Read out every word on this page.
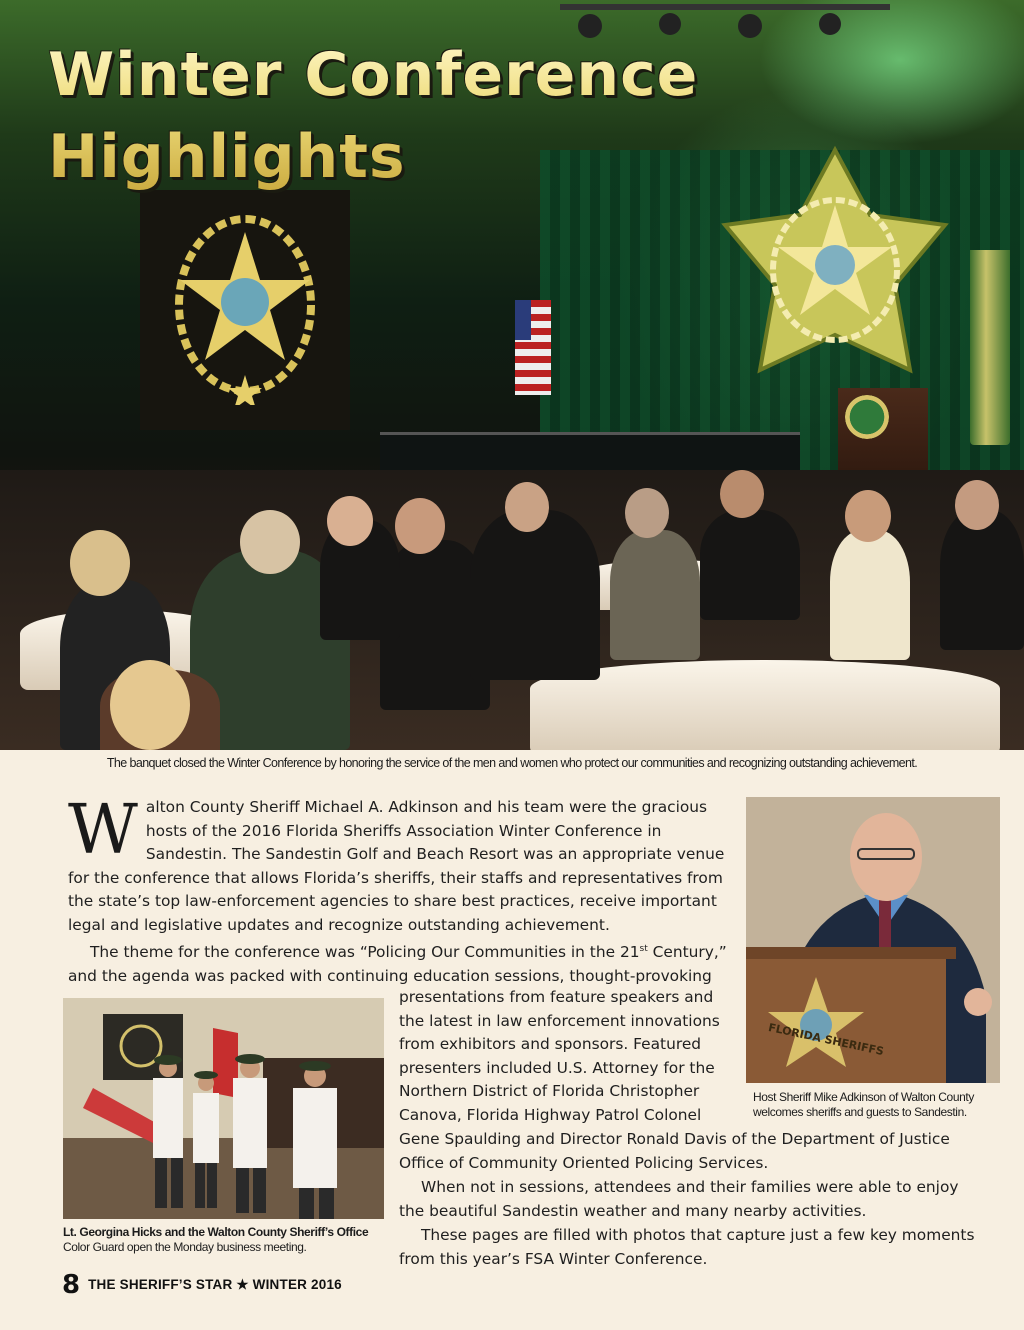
Winter Conference
Highlights
The banquet closed the Winter Conference by honoring the service of the men and women who protect our communities and recognizing outstanding achievement.

Walton County Sheriff Michael A. Adkinson and his team were the gracious hosts of the 2016 Florida Sheriffs Association Winter Conference in Sandestin. The Sandestin Golf and Beach Resort was an appropriate venue for the conference that allows Florida’s sheriffs, their staffs and representatives from the state’s top law-enforcement agencies to share best practices, receive important legal and legislative updates and recognize outstanding achievement.

The theme for the conference was “Policing Our Communities in the 21st Century,” and the agenda was packed with continuing education sessions, thought-provoking

presentations from feature speakers and the latest in law enforcement innovations from exhibitors and sponsors. Featured presenters included U.S. Attorney for the Northern District of Florida Christopher Canova, Florida Highway Patrol Colonel

Gene Spaulding and Director Ronald Davis of the Department of Justice Office of Community Oriented Policing Services.

When not in sessions, attendees and their families were able to enjoy the beautiful Sandestin weather and many nearby activities.

These pages are filled with photos that capture just a few key moments from this year’s FSA Winter Conference.

FLORIDA SHERIFFS
Host Sheriff Mike Adkinson of Walton County welcomes sheriffs and guests to Sandestin.
Lt. Georgina Hicks and the Walton County Sheriff’s Office
Color Guard open the Monday business meeting.
8 THE SHERIFF’S STAR ★ WINTER 2016
